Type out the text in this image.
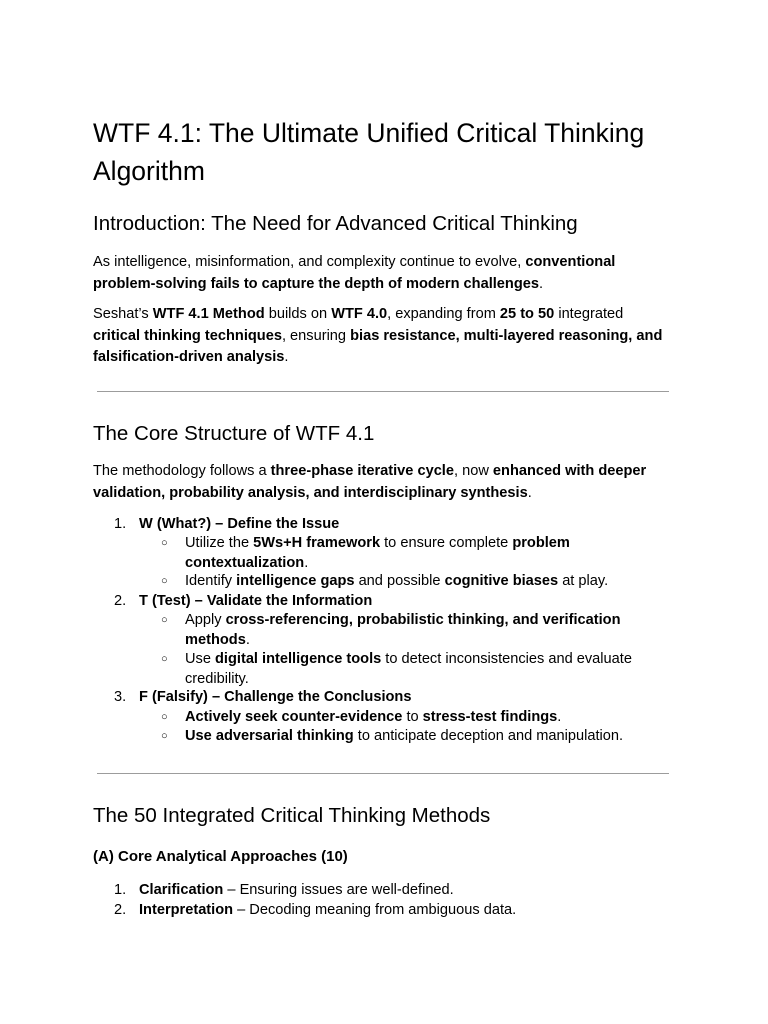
WTF 4.1: The Ultimate Unified Critical Thinking Algorithm
Introduction: The Need for Advanced Critical Thinking

As intelligence, misinformation, and complexity continue to evolve, conventional problem-solving fails to capture the depth of modern challenges.

Seshat’s WTF 4.1 Method builds on WTF 4.0, expanding from 25 to 50 integrated critical thinking techniques, ensuring bias resistance, multi-layered reasoning, and falsification-driven analysis.

The Core Structure of WTF 4.1

The methodology follows a three-phase iterative cycle, now enhanced with deeper validation, probability analysis, and interdisciplinary synthesis.

1. W (What?) – Define the Issue
○	Utilize the 5Ws+H framework to ensure complete problem contextualization.
○	Identify intelligence gaps and possible cognitive biases at play.
2. T (Test) – Validate the Information
○	Apply cross-referencing, probabilistic thinking, and verification methods.
○	Use digital intelligence tools to detect inconsistencies and evaluate credibility.
3. F (Falsify) – Challenge the Conclusions
○	Actively seek counter-evidence to stress-test findings.
○	Use adversarial thinking to anticipate deception and manipulation.
The 50 Integrated Critical Thinking Methods
(A) Core Analytical Approaches (10)
1. Clarification – Ensuring issues are well-defined.
2. Interpretation – Decoding meaning from ambiguous data.
